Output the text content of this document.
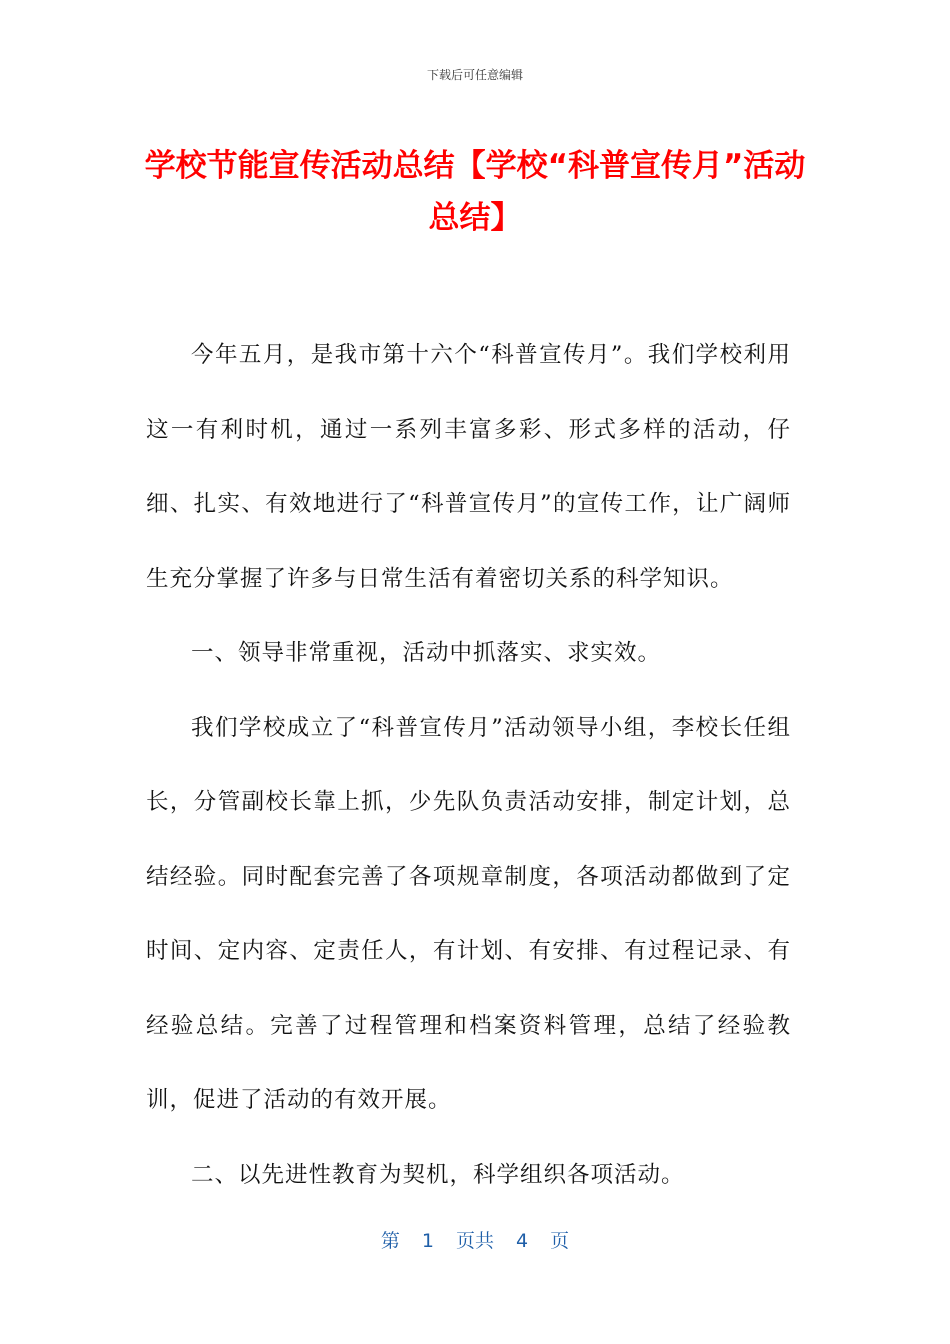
下载后可任意编辑
学校节能宣传活动总结【学校“科普宣传月”活动总结】

今年五月，是我市第十六个“科普宣传月”。我们学校利用这一有利时机，通过一系列丰富多彩、形式多样的活动，仔细、扎实、有效地进行了“科普宣传月”的宣传工作，让广阔师生充分掌握了许多与日常生活有着密切关系的科学知识。

一、领导非常重视，活动中抓落实、求实效。

我们学校成立了“科普宣传月”活动领导小组，李校长任组长，分管副校长靠上抓，少先队负责活动安排，制定计划，总结经验。同时配套完善了各项规章制度，各项活动都做到了定时间、定内容、定责任人，有计划、有安排、有过程记录、有经验总结。完善了过程管理和档案资料管理，总结了经验教训，促进了活动的有效开展。

二、以先进性教育为契机，科学组织各项活动。

第 1 页共 4 页
